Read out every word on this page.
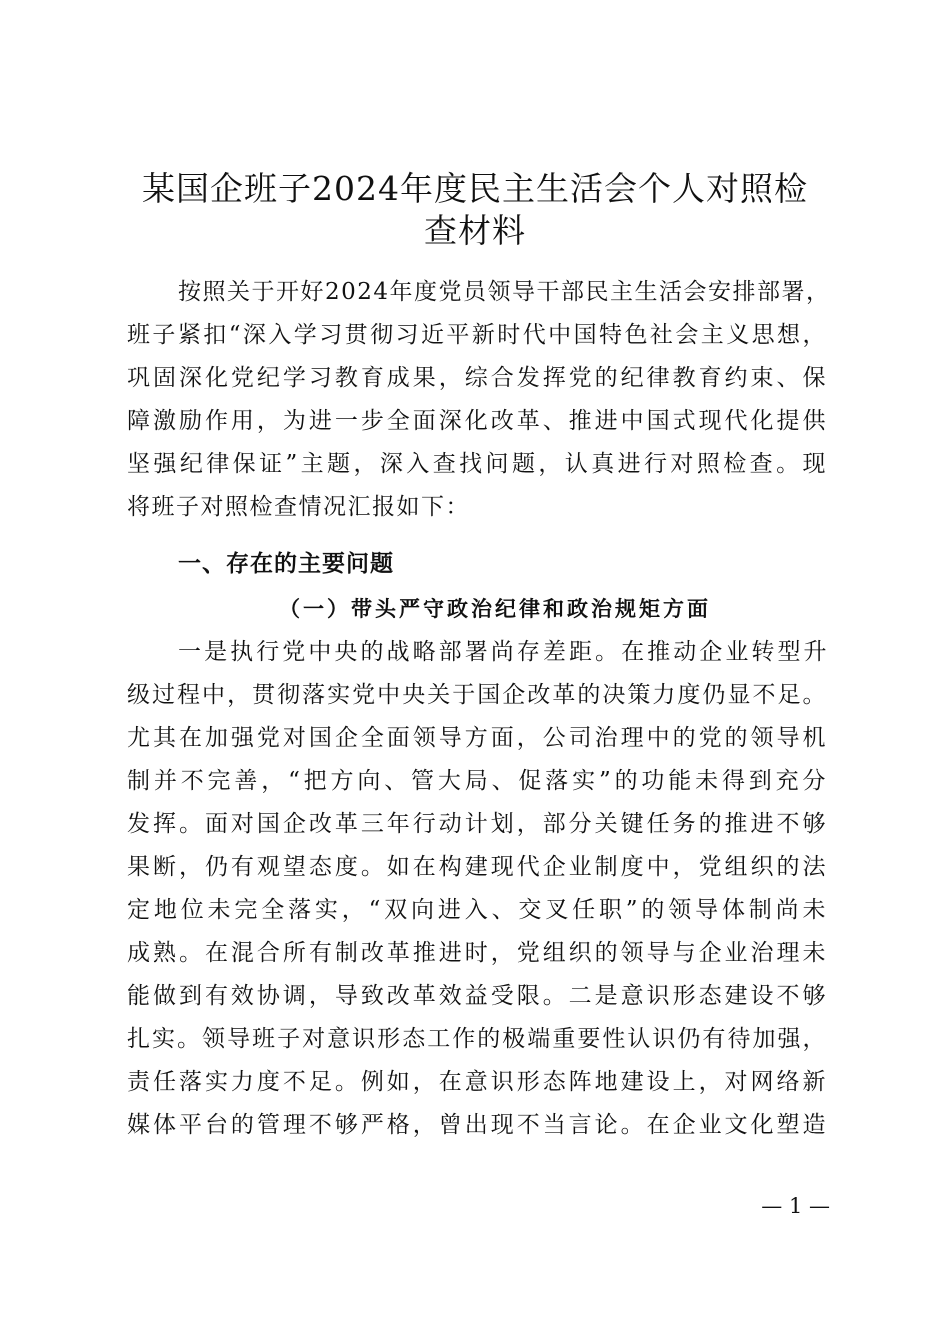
某国企班子2024年度民主生活会个人对照检
查材料

按照关于开好2024年度党员领导干部民主生活会安排部署，

班子紧扣“深入学习贯彻习近平新时代中国特色社会主义思想，

巩固深化党纪学习教育成果，综合发挥党的纪律教育约束、保

障激励作用，为进一步全面深化改革、推进中国式现代化提供

坚强纪律保证”主题，深入查找问题，认真进行对照检查。现

将班子对照检查情况汇报如下：

一、存在的主要问题
（一）带头严守政治纪律和政治规矩方面

一是执行党中央的战略部署尚存差距。在推动企业转型升

级过程中，贯彻落实党中央关于国企改革的决策力度仍显不足。

尤其在加强党对国企全面领导方面，公司治理中的党的领导机

制并不完善，“把方向、管大局、促落实”的功能未得到充分

发挥。面对国企改革三年行动计划，部分关键任务的推进不够

果断，仍有观望态度。如在构建现代企业制度中，党组织的法

定地位未完全落实，“双向进入、交叉任职”的领导体制尚未

成熟。在混合所有制改革推进时，党组织的领导与企业治理未

能做到有效协调，导致改革效益受限。二是意识形态建设不够

扎实。领导班子对意识形态工作的极端重要性认识仍有待加强，

责任落实力度不足。例如，在意识形态阵地建设上，对网络新

媒体平台的管理不够严格，曾出现不当言论。在企业文化塑造

— 1 —
